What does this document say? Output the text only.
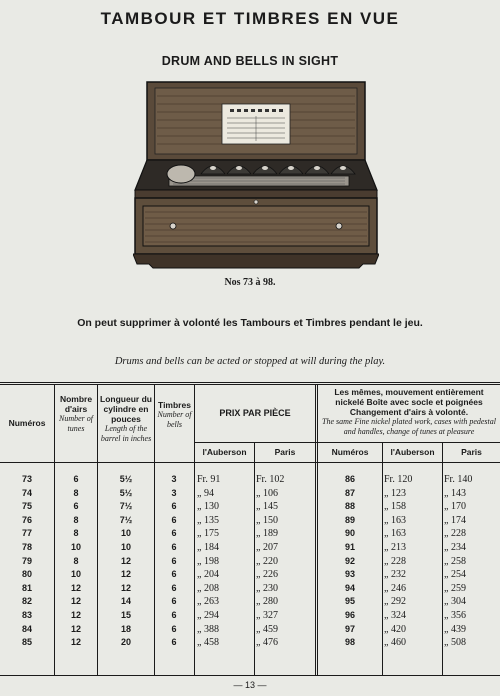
TAMBOUR ET TIMBRES EN VUE
DRUM AND BELLS IN SIGHT
Nos 73 à 98.
On peut supprimer à volonté les Tambours et Timbres pendant le jeu.
Drums and bells can be acted or stopped at will during the play.
Numéros
Nombre d'airs
Number of tunes
Longueur du cylindre en pouces
Length of the barrel in inches
Timbres
Number of bells
PRIX PAR PIÈCE
l'Auberson	Paris
Les mêmes, mouvement entièrement nickelé Boîte avec socle et poignées Changement d'airs à volonté.
The same Fine nickel plated work, cases with pedestal and handles, change of tunes at pleasure
Numéros	l'Auberson	Paris
73	6	5½	3	Fr. 91	Fr. 102	86	Fr. 120	Fr. 140
74	8	5½	3	„ 94	„ 106	87	„ 123	„ 143
75	6	7½	6	„ 130	„ 145	88	„ 158	„ 170
76	8	7½	6	„ 135	„ 150	89	„ 163	„ 174
77	8	10	6	„ 175	„ 189	90	„ 163	„ 228
78	10	10	6	„ 184	„ 207	91	„ 213	„ 234
79	8	12	6	„ 198	„ 220	92	„ 228	„ 258
80	10	12	6	„ 204	„ 226	93	„ 232	„ 254
81	12	12	6	„ 208	„ 230	94	„ 246	„ 259
82	12	14	6	„ 263	„ 280	95	„ 292	„ 304
83	12	15	6	„ 294	„ 327	96	„ 324	„ 356
84	12	18	6	„ 388	„ 459	97	„ 420	„ 439
85	12	20	6	„ 458	„ 476	98	„ 460	„ 508
— 13 —
